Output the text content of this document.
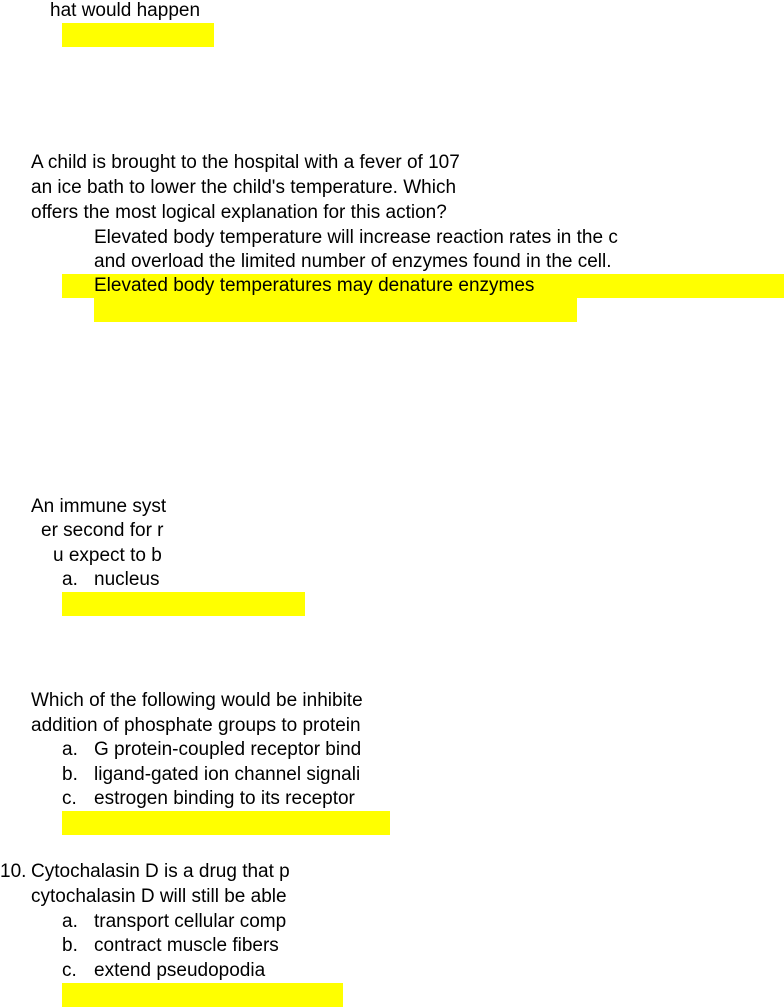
hat would happen

A child is brought to the hospital with a fever of 107

an ice bath to lower the child's temperature. Which

offers the most logical explanation for this action?

Elevated body temperature will increase reaction rates in the c

and overload the limited number of enzymes found in the cell.

Elevated body temperatures may denature enzymes

An immune syst

er second for r

u expect to b

a. nucleus

Which of the following would be inhibite

addition of phosphate groups to protein

a. G protein-coupled receptor bind

b. ligand-gated ion channel signali

c. estrogen binding to its receptor

10. Cytochalasin D is a drug that p

cytochalasin D will still be able

a. transport cellular comp

b. contract muscle fibers

c. extend pseudopodia
